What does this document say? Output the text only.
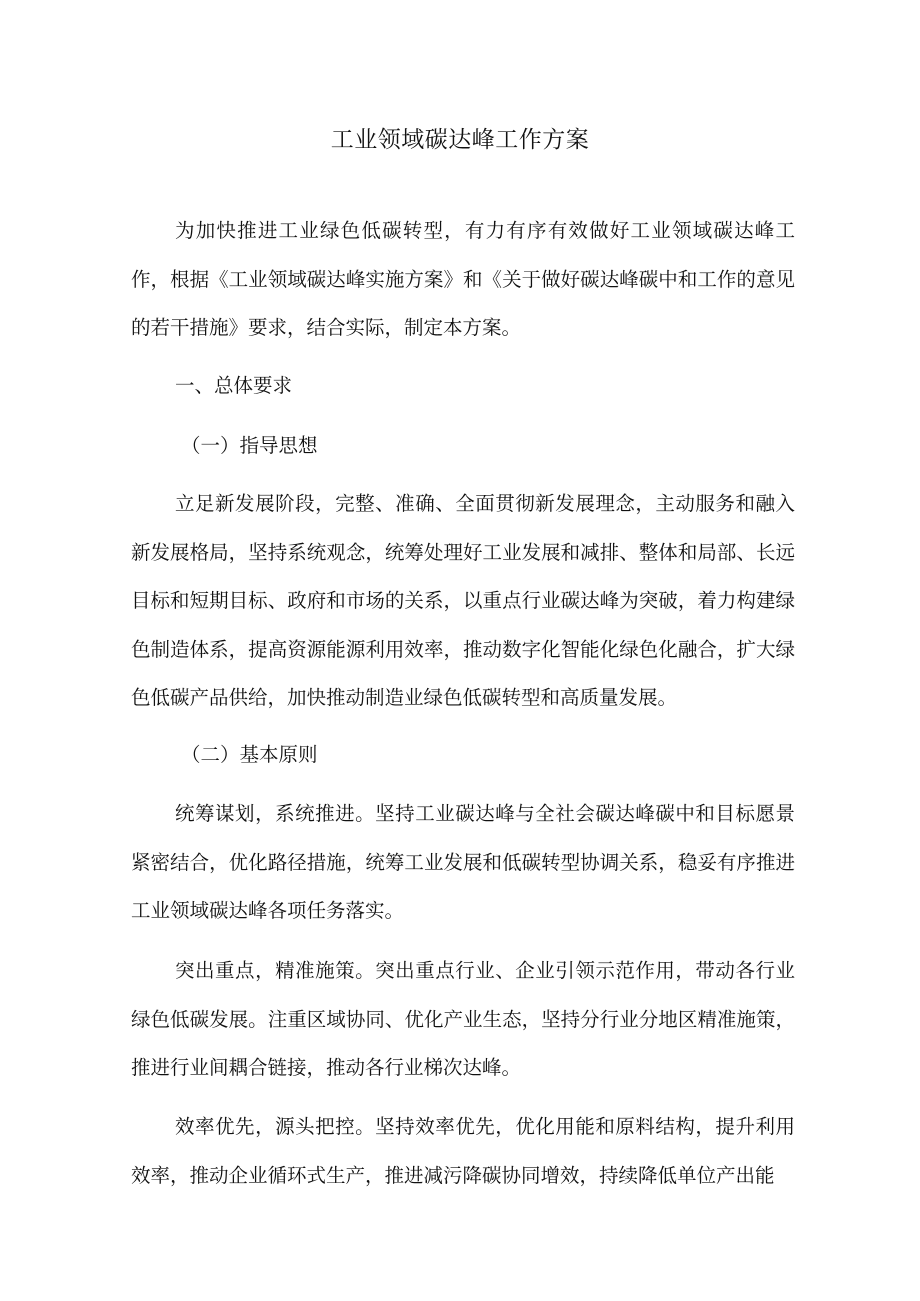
工业领域碳达峰工作方案

为加快推进工业绿色低碳转型，有力有序有效做好工业领域碳达峰工作，根据《工业领域碳达峰实施方案》和《关于做好碳达峰碳中和工作的意见的若干措施》要求，结合实际，制定本方案。

一、总体要求

（一）指导思想

立足新发展阶段，完整、准确、全面贯彻新发展理念，主动服务和融入新发展格局，坚持系统观念，统筹处理好工业发展和减排、整体和局部、长远目标和短期目标、政府和市场的关系，以重点行业碳达峰为突破，着力构建绿色制造体系，提高资源能源利用效率，推动数字化智能化绿色化融合，扩大绿色低碳产品供给，加快推动制造业绿色低碳转型和高质量发展。

（二）基本原则

统筹谋划，系统推进。坚持工业碳达峰与全社会碳达峰碳中和目标愿景紧密结合，优化路径措施，统筹工业发展和低碳转型协调关系，稳妥有序推进工业领域碳达峰各项任务落实。

突出重点，精准施策。突出重点行业、企业引领示范作用，带动各行业绿色低碳发展。注重区域协同、优化产业生态，坚持分行业分地区精准施策，推进行业间耦合链接，推动各行业梯次达峰。

效率优先，源头把控。坚持效率优先，优化用能和原料结构，提升利用效率，推动企业循环式生产，推进减污降碳协同增效，持续降低单位产出能
